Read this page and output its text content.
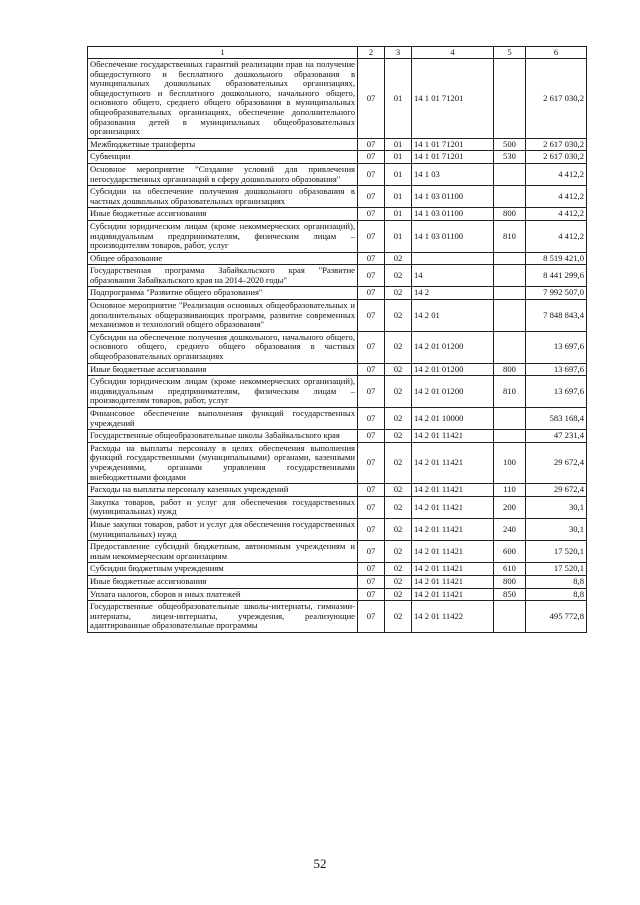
1	2	3	4	5	6
Обеспечение государственных гарантий реализации прав на получение общедоступного и бесплатного дошкольного образования в муниципальных дошкольных образовательных организациях, общедоступного и бесплатного дошкольного, начального общего, основного общего, среднего общего образования в муниципальных общеобразовательных организациях, обеспечение дополнительного образования детей в муниципальных общеобразовательных организациях	07	01	14 1 01 71201		2 617 030,2
Межбюджетные трансферты	07	01	14 1 01 71201	500	2 617 030,2
Субвенции	07	01	14 1 01 71201	530	2 617 030,2
Основное мероприятие "Создание условий для привлечения негосударственных организаций в сферу дошкольного образования"	07	01	14 1 03		4 412,2
Субсидии на обеспечение получения дошкольного образования в частных дошкольных образовательных организациях	07	01	14 1 03 01100		4 412,2
Иные бюджетные ассигнования	07	01	14 1 03 01100	800	4 412,2
Субсидии юридическим лицам (кроме некоммерческих организаций), индивидуальным предпринимателям, физическим лицам – производителям товаров, работ, услуг	07	01	14 1 03 01100	810	4 412,2
Общее образование	07	02			8 519 421,0
Государственная программа Забайкальского края "Развитие образования Забайкальского края на 2014–2020 годы"	07	02	14		8 441 299,6
Подпрограмма "Развитие общего образования"	07	02	14 2		7 992 507,0
Основное мероприятие "Реализация основных общеобразовательных и дополнительных общеразвивающих программ, развитие современных механизмов и технологий общего образования"	07	02	14 2 01		7 848 843,4
Субсидии на обеспечение получения дошкольного, начального общего, основного общего, среднего общего образования в частных общеобразовательных организациях	07	02	14 2 01 01200		13 697,6
Иные бюджетные ассигнования	07	02	14 2 01 01200	800	13 697,6
Субсидии юридическим лицам (кроме некоммерческих организаций), индивидуальным предпринимателям, физическим лицам – производителям товаров, работ, услуг	07	02	14 2 01 01200	810	13 697,6
Финансовое обеспечение выполнения функций государственных учреждений	07	02	14 2 01 10000		583 168,4
Государственные общеобразовательные школы Забайкальского края	07	02	14 2 01 11421		47 231,4
Расходы на выплаты персоналу в целях обеспечения выполнения функций государственными (муниципальными) органами, казенными учреждениями, органами управления государственными внебюджетными фондами	07	02	14 2 01 11421	100	29 672,4
Расходы на выплаты персоналу казенных учреждений	07	02	14 2 01 11421	110	29 672,4
Закупка товаров, работ и услуг для обеспечения государственных (муниципальных) нужд	07	02	14 2 01 11421	200	30,1
Иные закупки товаров, работ и услуг для обеспечения государственных (муниципальных) нужд	07	02	14 2 01 11421	240	30,1
Предоставление субсидий бюджетным, автономным учреждениям и иным некоммерческим организациям	07	02	14 2 01 11421	600	17 520,1
Субсидии бюджетным учреждениям	07	02	14 2 01 11421	610	17 520,1
Иные бюджетные ассигнования	07	02	14 2 01 11421	800	8,8
Уплата налогов, сборов и иных платежей	07	02	14 2 01 11421	850	8,8
Государственные общеобразовательные школы-интернаты, гимназии-интернаты, лицеи-интернаты, учреждения, реализующие адаптированные образовательные программы	07	02	14 2 01 11422		495 772,8
52
